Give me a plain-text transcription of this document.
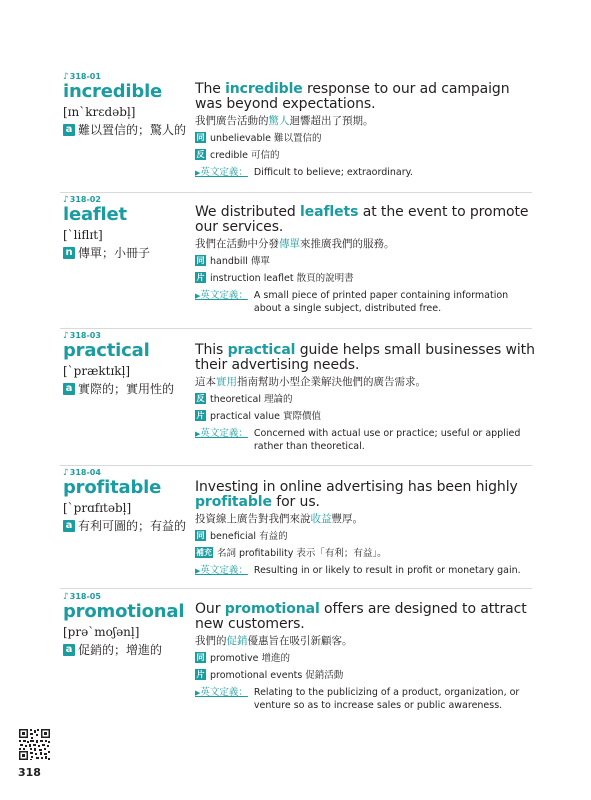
♪ 318-01
incredible
[ɪnˋkrɛdəbl̩]
a 難以置信的；驚人的
The incredible response to our ad campaign was beyond expectations.
我們廣告活動的驚人迴響超出了預期。
同 unbelievable 難以置信的
反 credible 可信的
▶英文定義： Difficult to believe; extraordinary.
♪ 318-02
leaflet
[ˋliflɪt]
n 傳單；小冊子
We distributed leaflets at the event to promote our services.
我們在活動中分發傳單來推廣我們的服務。
同 handbill 傳單
片 instruction leaflet 散頁的說明書
▶英文定義： A small piece of printed paper containing information about a single subject, distributed free.
♪ 318-03
practical
[ˋpræktɪkl̩]
a 實際的；實用性的
This practical guide helps small businesses with their advertising needs.
這本實用指南幫助小型企業解決他們的廣告需求。
反 theoretical 理論的
片 practical value 實際價值
▶英文定義： Concerned with actual use or practice; useful or applied rather than theoretical.
♪ 318-04
profitable
[ˋprɑfɪtəbl̩]
a 有利可圖的；有益的
Investing in online advertising has been highly profitable for us.
投資線上廣告對我們來說收益豐厚。
同 beneficial 有益的
補充 名詞 profitability 表示「有利；有益」。
▶英文定義： Resulting in or likely to result in profit or monetary gain.
♪ 318-05
promotional
[prəˋmoʃənl̩]
a 促銷的；增進的
Our promotional offers are designed to attract new customers.
我們的促銷優惠旨在吸引新顧客。
同 promotive 增進的
片 promotional events 促銷活動
▶英文定義： Relating to the publicizing of a product, organization, or venture so as to increase sales or public awareness.
318
